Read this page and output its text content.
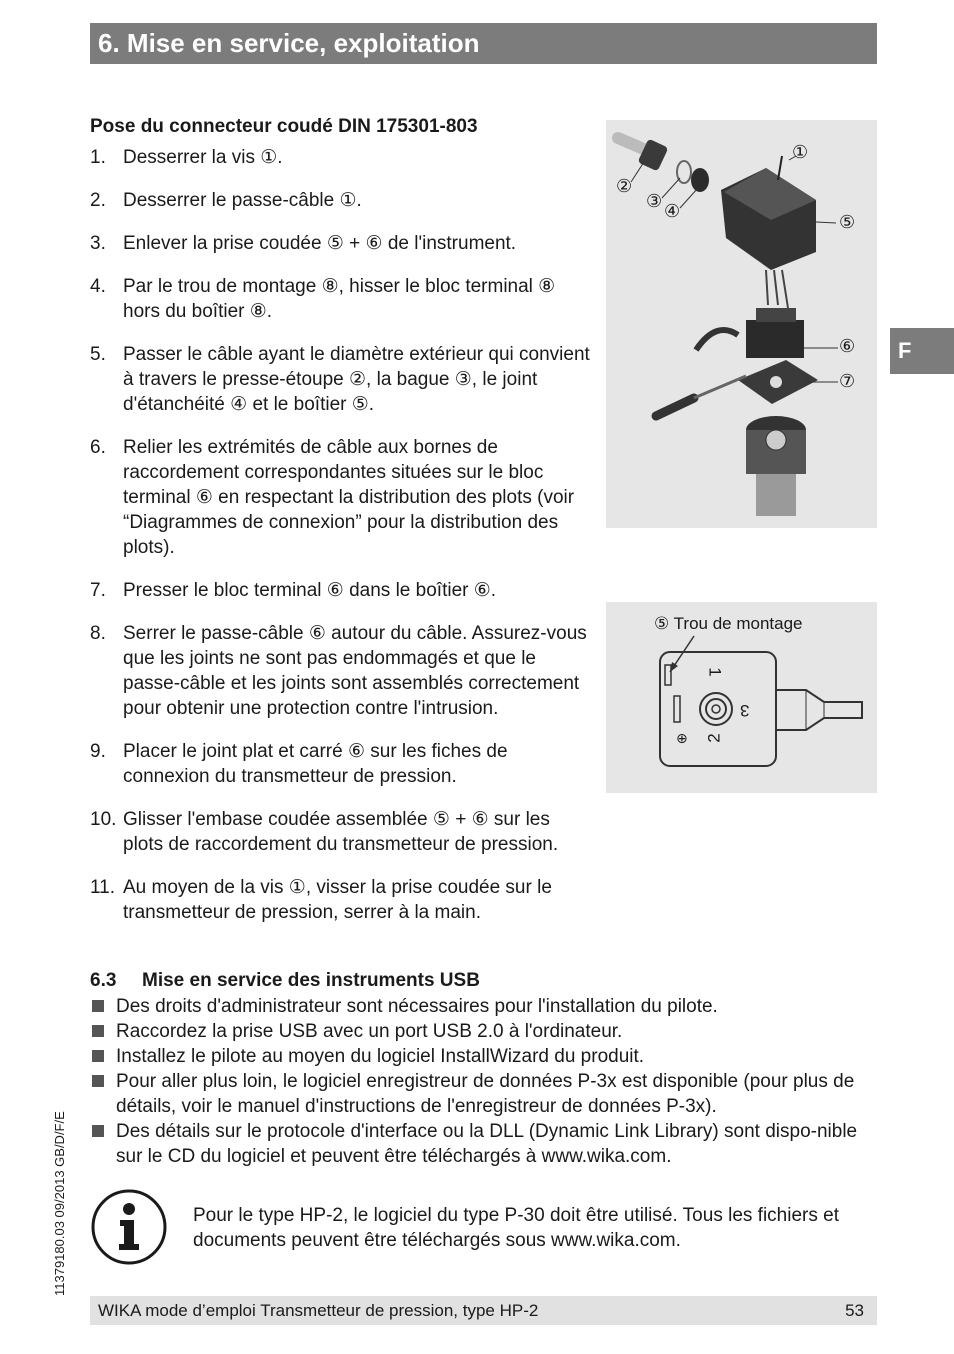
6. Mise en service, exploitation
F
Pose du connecteur coudé DIN 175301-803
1. Desserrer la vis ①.
2. Desserrer le passe-câble ①.
3. Enlever la prise coudée ⑤ + ⑥ de l'instrument.
4. Par le trou de montage ⑧, hisser le bloc terminal ⑧ hors du boîtier ⑧.
5. Passer le câble ayant le diamètre extérieur qui convient à travers le presse-étoupe ②, la bague ③, le joint d'étanchéité ④ et le boîtier ⑤.
6. Relier les extrémités de câble aux bornes de raccordement correspondantes situées sur le bloc terminal ⑥ en respectant la distribution des plots (voir “Diagrammes de connexion” pour la distribution des plots).
7. Presser le bloc terminal ⑥ dans le boîtier ⑥.
8. Serrer le passe-câble ⑥ autour du câble. Assurez-vous que les joints ne sont pas endommagés et que le passe-câble et les joints sont assemblés correctement pour obtenir une protection contre l'intrusion.
9. Placer le joint plat et carré ⑥ sur les fiches de connexion du transmetteur de pression.
10. Glisser l'embase coudée assemblée ⑤ + ⑥ sur les plots de raccordement du transmetteur de pression.
11. Au moyen de la vis ①, visser la prise coudée sur le transmetteur de pression, serrer à la main.
①
②
③ ④
⑤
⑥
⑦
⑤ Trou de montage
1
3
2
⊕
6.3 Mise en service des instruments USB
Des droits d'administrateur sont nécessaires pour l'installation du pilote.
Raccordez la prise USB avec un port USB 2.0 à l'ordinateur.
Installez le pilote au moyen du logiciel InstallWizard du produit.
Pour aller plus loin, le logiciel enregistreur de données P-3x est disponible (pour plus de détails, voir le manuel d'instructions de l'enregistreur de données P-3x).
Des détails sur le protocole d'interface ou la DLL (Dynamic Link Library) sont dispo-nible sur le CD du logiciel et peuvent être téléchargés à www.wika.com.
Pour le type HP-2, le logiciel du type P-30 doit être utilisé. Tous les fichiers et documents peuvent être téléchargés sous www.wika.com.
11379180.03 09/2013 GB/D/F/E
WIKA mode d’emploi Transmetteur de pression, type HP-2	53
